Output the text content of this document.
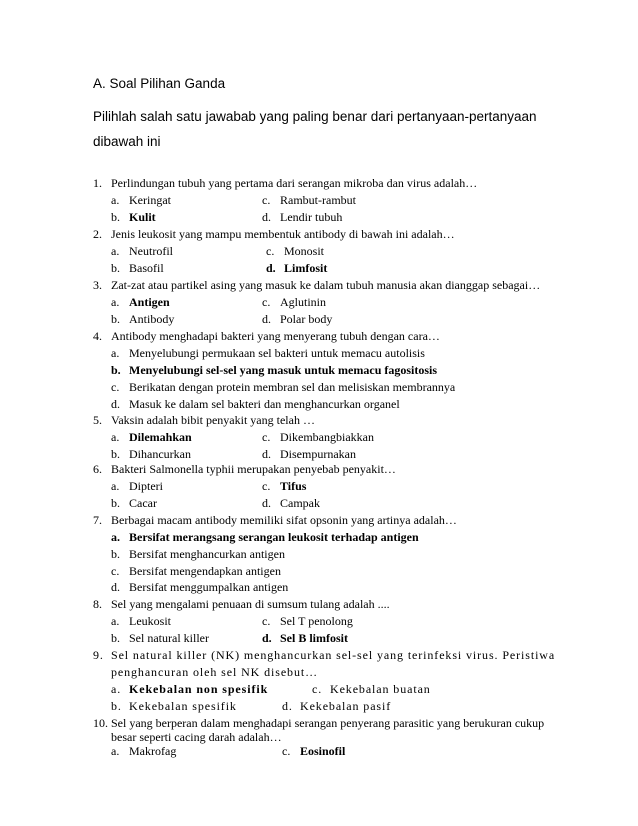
A. Soal Pilihan Ganda
Pilihlah salah satu jawabab yang paling benar dari pertanyaan-pertanyaan dibawah ini
1. Perlindungan tubuh yang pertama dari serangan mikroba dan virus adalah…
a. Keringat
b. Kulit
c. Rambut-rambut
d. Lendir tubuh
2. Jenis leukosit yang mampu membentuk antibody di bawah ini adalah…
a. Neutrofil
b. Basofil
c. Monosit
d. Limfosit
3. Zat-zat atau partikel asing yang masuk ke dalam tubuh manusia akan dianggap sebagai…
a. Antigen
b. Antibody
c. Aglutinin
d. Polar body
4. Antibody menghadapi bakteri yang menyerang tubuh dengan cara…
a. Menyelubungi permukaan sel bakteri untuk memacu autolisis
b. Menyelubungi sel-sel yang masuk untuk memacu fagositosis
c. Berikatan dengan protein membran sel dan melisiskan membrannya
d. Masuk ke dalam sel bakteri dan menghancurkan organel
5. Vaksin adalah bibit penyakit yang telah …
a. Dilemahkan
b. Dihancurkan
c. Dikembangbiakkan
d. Disempurnakan
6. Bakteri Salmonella typhii merupakan penyebab penyakit…
a. Dipteri
b. Cacar
c. Tifus
d. Campak
7. Berbagai macam antibody memiliki sifat opsonin yang artinya adalah…
a. Bersifat merangsang serangan leukosit terhadap antigen
b. Bersifat menghancurkan antigen
c. Bersifat mengendapkan antigen
d. Bersifat menggumpalkan antigen
8. Sel yang mengalami penuaan di sumsum tulang adalah ....
a. Leukosit
b. Sel natural killer
c. Sel T penolong
d. Sel B limfosit
9. Sel natural killer (NK) menghancurkan sel-sel yang terinfeksi virus. Peristiwa
penghancuran oleh sel NK disebut…
a. Kekebalan non spesifik
b. Kekebalan spesifik
c. Kekebalan buatan
d. Kekebalan pasif
10. Sel yang berperan dalam menghadapi serangan penyerang parasitic yang berukuran cukup
besar seperti cacing darah adalah…
a. Makrofag	c. Eosinofil
